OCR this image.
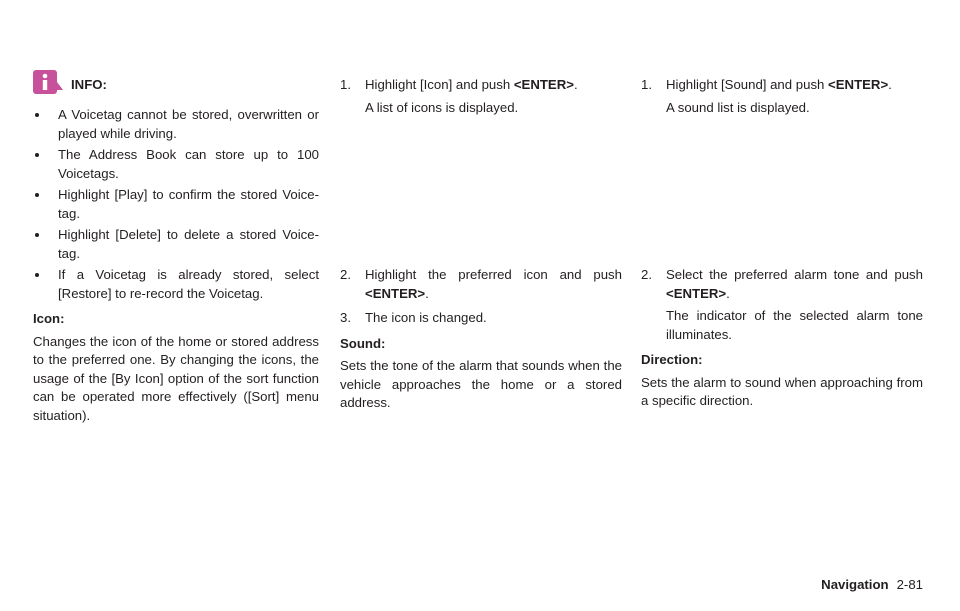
INFO:
A Voicetag cannot be stored, overwritten or played while driving.
The Address Book can store up to 100 Voicetags.
Highlight [Play] to confirm the stored Voice-tag.
Highlight [Delete] to delete a stored Voice-tag.
If a Voicetag is already stored, select [Restore] to re-record the Voicetag.
Icon:

Changes the icon of the home or stored address to the preferred one. By changing the icons, the usage of the [By Icon] option of the sort function can be operated more effectively ([Sort] menu situation).

1. Highlight [Icon] and push <ENTER>.
A list of icons is displayed.
2. Highlight the preferred icon and push <ENTER>.
3. The icon is changed.
Sound:

Sets the tone of the alarm that sounds when the vehicle approaches the home or a stored address.

1. Highlight [Sound] and push <ENTER>.
A sound list is displayed.
2. Select the preferred alarm tone and push <ENTER>.
The indicator of the selected alarm tone illuminates.
Direction:

Sets the alarm to sound when approaching from a specific direction.

Navigation 2-81
